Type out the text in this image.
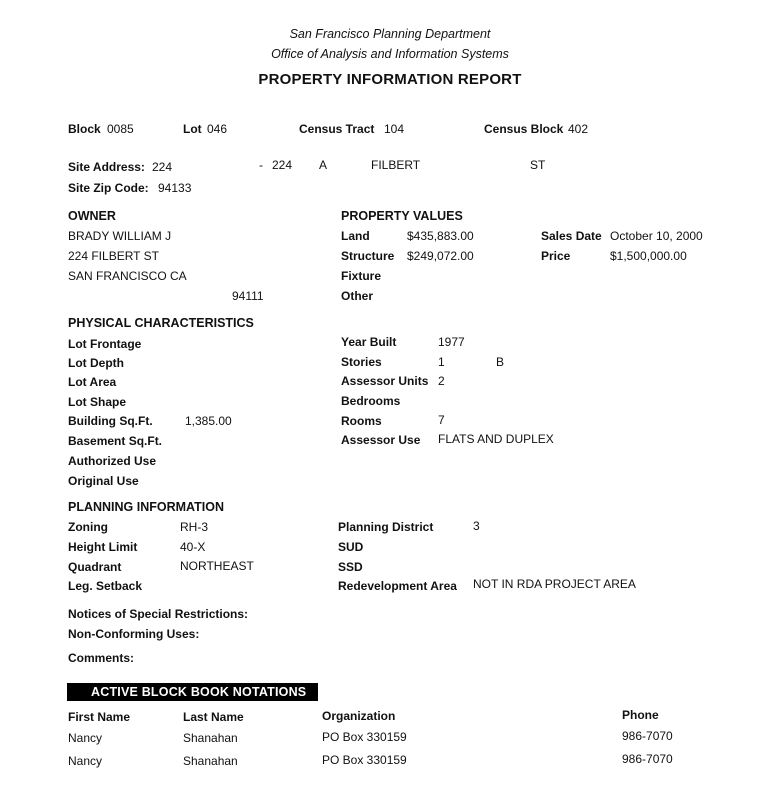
San Francisco Planning Department
Office of Analysis and Information Systems
PROPERTY INFORMATION REPORT
Block 0085	Lot 046	Census Tract 104	Census Block 402
Site Address: 224	- 224 A	FILBERT	ST
Site Zip Code: 94133
OWNER
BRADY WILLIAM J
224 FILBERT ST
SAN FRANCISCO CA
94111
PROPERTY VALUES
Land	$435,883.00
Structure $249,072.00
Fixture
Other
Sales Date October 10, 2000
Price	$1,500,000.00
PHYSICAL CHARACTERISTICS
Lot Frontage
Lot Depth
Lot Area
Lot Shape
Building Sq.Ft.	1,385.00
Basement Sq.Ft.
Authorized Use
Original Use
Year Built	1977
Stories	1	B
Assessor Units 2
Bedrooms
Rooms	7
Assessor Use FLATS AND DUPLEX
PLANNING INFORMATION
Zoning	RH-3
Height Limit	40-X
Quadrant	NORTHEAST
Leg. Setback
Planning District	3
SUD
SSD
Redevelopment Area NOT IN RDA PROJECT AREA
Notices of Special Restrictions:
Non-Conforming Uses:
Comments:
ACTIVE BLOCK BOOK NOTATIONS
First Name	Last Name	Organization	Phone
Nancy	Shanahan	PO Box 330159	986-7070
Nancy	Shanahan	PO Box 330159	986-7070
